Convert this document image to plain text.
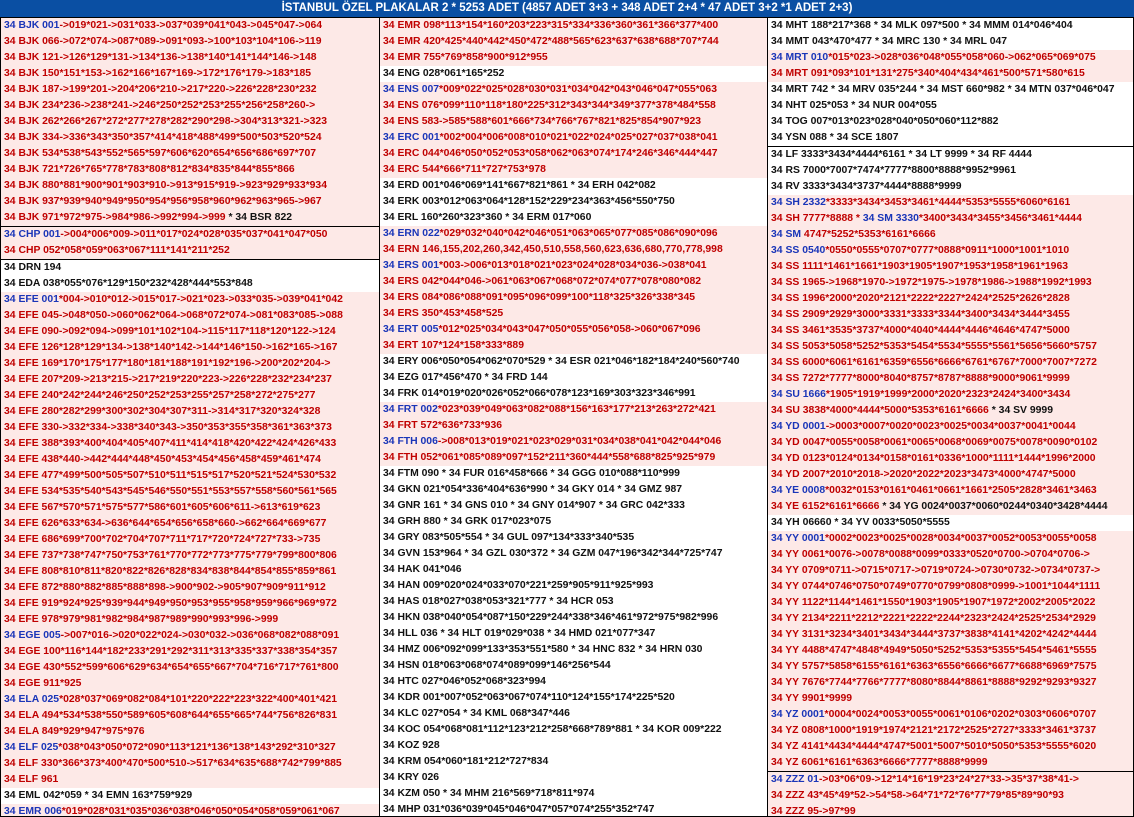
İSTANBUL ÖZEL PLAKALAR 2 * 5253 ADET (4857 ADET 3+3 + 348 ADET 2+4 * 47 ADET 3+2 *1 ADET 2+3)
34 BJK 001->019*021->031*033->037*039*041*043->045*047->064
34 BJK 066->072*074->087*089->091*093->100*103*104*106->119
34 BJK 121->126*129*131->134*136->138*140*141*144*146->148
34 BJK 150*151*153->162*166*167*169->172*176*179->183*185
34 BJK 187->199*201->204*206*210->217*220->226*228*230*232
34 BJK 234*236->238*241->246*250*252*253*255*256*258*260->
34 BJK 262*266*267*272*277*278*282*290*298->304*313*321->323
34 BJK 334->336*343*350*357*414*418*488*499*500*503*520*524
34 BJK 534*538*543*552*565*597*606*620*654*656*686*697*707
34 BJK 721*726*765*778*783*808*812*834*835*844*855*866
34 BJK 880*881*900*901*903*910->913*915*919->923*929*933*934
34 BJK 937*939*940*949*950*954*956*958*960*962*963*965->967
34 BJK 971*972*975->984*986->992*994->999 * 34 BSR 822
34 CHP 001->004*006*009->011*017*024*028*035*037*041*047*050
34 CHP 052*058*059*063*067*111*141*211*252
34 DRN 194
34 EDA 038*055*076*129*150*232*428*444*553*848
34 EFE 001*004->010*012->015*017->021*023->033*035->039*041*042
34 EFE 045->048*050->060*062*064->068*072*074->081*083*085->088
34 EFE 090->092*094->099*101*102*104->115*117*118*120*122->124
34 EFE 126*128*129*134->138*140*142->144*146*150->162*165->167
34 EFE 169*170*175*177*180*181*188*191*192*196->200*202*204->
34 EFE 207*209->213*215->217*219*220*223->226*228*232*234*237
34 EFE 240*242*244*246*250*252*253*255*257*258*272*275*277
34 EFE 280*282*299*300*302*304*307*311->314*317*320*324*328
34 EFE 330->332*334->338*340*343->350*353*355*358*361*363*373
34 EFE 388*393*400*404*405*407*411*414*418*420*422*424*426*433
34 EFE 438*440->442*444*448*450*453*454*456*458*459*461*474
34 EFE 477*499*500*505*507*510*511*515*517*520*521*524*530*532
34 EFE 534*535*540*543*545*546*550*551*553*557*558*560*561*565
34 EFE 567*570*571*575*577*586*601*605*606*611->613*619*623
34 EFE 626*633*634->636*644*654*656*658*660->662*664*669*677
34 EFE 686*699*700*702*704*707*711*717*720*724*727*733->735
34 EFE 737*738*747*750*753*761*770*772*773*775*779*799*800*806
34 EFE 808*810*811*820*822*826*828*834*838*844*854*855*859*861
34 EFE 872*880*882*885*888*898->900*902->905*907*909*911*912
34 EFE 919*924*925*939*944*949*950*953*955*958*959*966*969*972
34 EFE 978*979*981*982*984*987*989*990*993*996->999
34 EGE 005->007*016->020*022*024->030*032->036*068*082*088*091
34 EGE 100*116*144*182*233*291*292*311*313*335*337*338*354*357
34 EGE 430*552*599*606*629*634*654*655*667*704*716*717*761*800
34 EGE 911*925
34 ELA 025*028*037*069*082*084*101*220*222*223*322*400*401*421
34 ELA 494*534*538*550*589*605*608*644*655*665*744*756*826*831
34 ELA 849*929*947*975*976
34 ELF 025*038*043*050*072*090*113*121*136*138*143*292*310*327
34 ELF 330*366*373*400*470*500*510->517*634*635*688*742*799*885
34 ELF 961
34 EML 042*059 * 34 EMN 163*759*929
34 EMR 006*019*028*031*035*036*038*046*050*054*058*059*061*067
34 EMR 098*113*154*160*203*223*315*334*336*360*361*366*377*400
34 EMR 420*425*440*442*450*472*488*565*623*637*638*688*707*744
34 EMR 755*769*858*900*912*955
34 ENG 028*061*165*252
34 ENS 007*009*022*025*028*030*031*034*042*043*046*047*055*063
34 ENS 076*099*110*118*180*225*312*343*344*349*377*378*484*558
34 ENS 583->585*588*601*666*734*766*767*821*825*854*907*923
34 ERC 001*002*004*006*008*010*021*022*024*025*027*037*038*041
34 ERC 044*046*050*052*053*058*062*063*074*174*246*346*444*447
34 ERC 544*666*711*727*753*978
34 ERD 001*046*069*141*667*821*861 * 34 ERH 042*082
34 ERK 003*012*063*064*128*152*229*234*363*456*550*750
34 ERL 160*260*323*360 * 34 ERM 017*060
34 ERN 022*029*032*040*042*046*051*063*065*077*085*086*090*096
34 ERN 146,155,202,260,342,450,510,558,560,623,636,680,770,778,998
34 ERS 001*003->006*013*018*021*023*024*028*034*036->038*041
34 ERS 042*044*046->061*063*067*068*072*074*077*078*080*082
34 ERS 084*086*088*091*095*096*099*100*118*325*326*338*345
34 ERS 350*453*458*525
34 ERT 005*012*025*034*043*047*050*055*056*058->060*067*096
34 ERT 107*124*158*333*889
34 ERY 006*050*054*062*070*529 * 34 ESR 021*046*182*184*240*560*740
34 EZG 017*456*470 * 34 FRD 144
34 FRK 014*019*020*026*052*066*078*123*169*303*323*346*991
34 FRT 002*023*039*049*063*082*088*156*163*177*213*263*272*421
34 FRT 572*636*733*936
34 FTH 006->008*013*019*021*023*029*031*034*038*041*042*044*046
34 FTH 052*061*085*089*097*152*211*360*444*558*688*825*925*979
34 FTM 090 * 34 FUR 016*458*666 * 34 GGG 010*088*110*999
34 GKN 021*054*336*404*636*990 * 34 GKY 014 * 34 GMZ 987
34 GNR 161 * 34 GNS 010 * 34 GNY 014*907 * 34 GRC 042*333
34 GRH 880 * 34 GRK 017*023*075
34 GRY 083*505*554 * 34 GUL 097*134*333*340*535
34 GVN 153*964 * 34 GZL 030*372 * 34 GZM 047*196*342*344*725*747
34 HAK 041*046
34 HAN 009*020*024*033*070*221*259*905*911*925*993
34 HAS 018*027*038*053*321*777 * 34 HCR 053
34 HKN 038*040*054*087*150*229*244*338*346*461*972*975*982*996
34 HLL 036 * 34 HLT 019*029*038 * 34 HMD 021*077*347
34 HMZ 006*092*099*133*353*551*580 * 34 HNC 832 * 34 HRN 030
34 HSN 018*063*068*074*089*099*146*256*544
34 HTC 027*046*052*068*323*994
34 KDR 001*007*052*063*067*074*110*124*155*174*225*520
34 KLC 027*054 * 34 KML 068*347*446
34 KOC 054*068*081*112*123*212*258*668*789*881 * 34 KOR 009*222
34 KOZ 928
34 KRM 054*060*181*212*727*834
34 KRY 026
34 KZM 050 * 34 MHM 216*569*718*811*974
34 MHP 031*036*039*045*046*047*057*074*255*352*747
34 MHT 188*217*368 * 34 MLK 097*500 * 34 MMM 014*046*404
34 MMT 043*470*477 * 34 MRC 130 * 34 MRL 047
34 MRT 010*015*023->028*036*048*055*058*060->062*065*069*075
34 MRT 091*093*101*131*275*340*404*434*461*500*571*580*615
34 MRT 742 * 34 MRV 035*244 * 34 MST 660*982 * 34 MTN 037*046*047
34 NHT 025*053 * 34 NUR 004*055
34 TOG 007*013*023*028*040*050*060*112*882
34 YSN 088 * 34 SCE 1807
34 LF 3333*3434*4444*6161 * 34 LT 9999 * 34 RF 4444
34 RS 7000*7007*7474*7777*8800*8888*9952*9961
34 RV 3333*3434*3737*4444*8888*9999
34 SH 2332*3333*3434*3453*3461*4444*5353*5555*6060*6161
34 SH 7777*8888 * 34 SM 3330*3400*3434*3455*3456*3461*4444
34 SM 4747*5252*5353*6161*6666
34 SS 0540*0550*0555*0707*0777*0888*0911*1000*1001*1010
34 SS 1111*1461*1661*1903*1905*1907*1953*1958*1961*1963
34 SS 1965->1968*1970->1972*1975->1978*1986->1988*1992*1993
34 SS 1996*2000*2020*2121*2222*2227*2424*2525*2626*2828
34 SS 2909*2929*3000*3331*3333*3344*3400*3434*3444*3455
34 SS 3461*3535*3737*4000*4040*4444*4446*4646*4747*5000
34 SS 5053*5058*5252*5353*5454*5534*5555*5561*5656*5660*5757
34 SS 6000*6061*6161*6359*6556*6666*6761*6767*7000*7007*7272
34 SS 7272*7777*8000*8040*8757*8787*8888*9000*9061*9999
34 SU 1666*1905*1919*1999*2000*2020*2323*2424*3400*3434
34 SU 3838*4000*4444*5000*5353*6161*6666 * 34 SV 9999
34 YD 0001->0003*0007*0020*0023*0025*0034*0037*0041*0044
34 YD 0047*0055*0058*0061*0065*0068*0069*0075*0078*0090*0102
34 YD 0123*0124*0134*0158*0161*0336*1000*1111*1444*1996*2000
34 YD 2007*2010*2018->2020*2022*2023*3473*4000*4747*5000
34 YE 0008*0032*0153*0161*0461*0661*1661*2505*2828*3461*3463
34 YE 6152*6161*6666 * 34 YG 0024*0037*0060*0244*0340*3428*4444
34 YH 06660 * 34 YV 0033*5050*5555
34 YY 0001*0002*0023*0025*0028*0034*0037*0052*0053*0055*0058
34 YY 0061*0076->0078*0088*0099*0333*0520*0700->0704*0706->
34 YY 0709*0711->0715*0717->0719*0724->0730*0732->0734*0737->
34 YY 0744*0746*0750*0749*0770*0799*0808*0999->1001*1044*1111
34 YY 1122*1144*1461*1550*1903*1905*1907*1972*2002*2005*2022
34 YY 2134*2211*2212*2221*2222*2244*2323*2424*2525*2534*2929
34 YY 3131*3234*3401*3434*3444*3737*3838*4141*4202*4242*4444
34 YY 4488*4747*4848*4949*5050*5252*5353*5355*5454*5461*5555
34 YY 5757*5858*6155*6161*6363*6556*6666*6677*6688*6969*7575
34 YY 7676*7744*7766*7777*8080*8844*8861*8888*9292*9293*9327
34 YY 9901*9999
34 YZ 0001*0004*0024*0053*0055*0061*0106*0202*0303*0606*0707
34 YZ 0808*1000*1919*1974*2121*2172*2525*2727*3333*3461*3737
34 YZ 4141*4434*4444*4747*5001*5007*5010*5050*5353*5555*6020
34 YZ 6061*6161*6363*6666*7777*8888*9999
34 ZZZ 01->03*06*09->12*14*16*19*23*24*27*33->35*37*38*41->
34 ZZZ 43*45*49*52->54*58->64*71*72*76*77*79*85*89*90*93
34 ZZZ 95->97*99
